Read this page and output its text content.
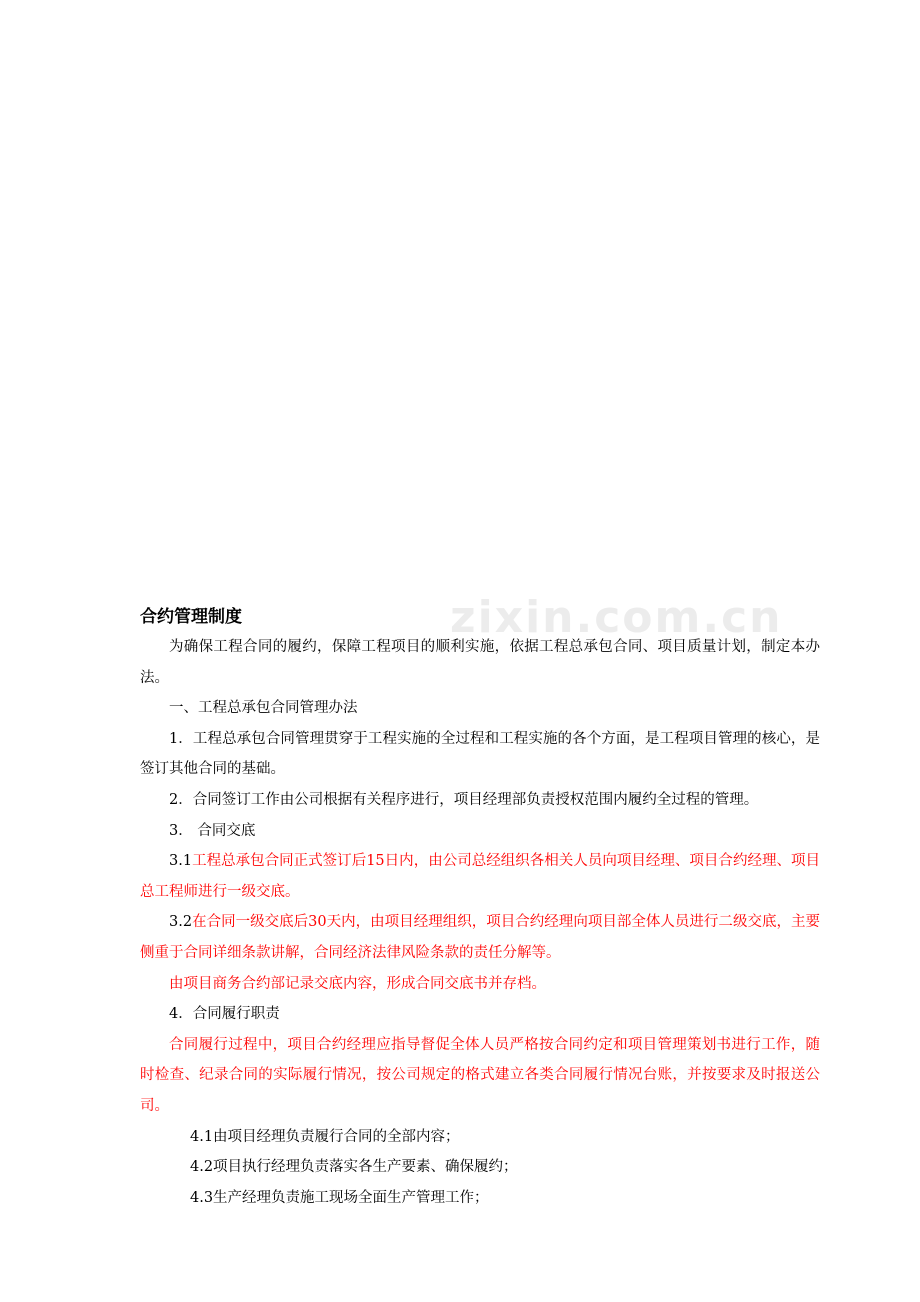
zixin.com.cn

合约管理制度

为确保工程合同的履约，保障工程项目的顺利实施，依据工程总承包合同、项目质量计划，制定本办法。

一、工程总承包合同管理办法

1．工程总承包合同管理贯穿于工程实施的全过程和工程实施的各个方面，是工程项目管理的核心，是签订其他合同的基础。

2．合同签订工作由公司根据有关程序进行，项目经理部负责授权范围内履约全过程的管理。

3． 合同交底

3.1工程总承包合同正式签订后15日内，由公司总经组织各相关人员向项目经理、项目合约经理、项目总工程师进行一级交底。

3.2在合同一级交底后30天内，由项目经理组织，项目合约经理向项目部全体人员进行二级交底，主要侧重于合同详细条款讲解，合同经济法律风险条款的责任分解等。

由项目商务合约部记录交底内容，形成合同交底书并存档。

4．合同履行职责

合同履行过程中，项目合约经理应指导督促全体人员严格按合同约定和项目管理策划书进行工作，随时检查、纪录合同的实际履行情况，按公司规定的格式建立各类合同履行情况台账，并按要求及时报送公司。

4.1由项目经理负责履行合同的全部内容；

4.2项目执行经理负责落实各生产要素、确保履约；

4.3生产经理负责施工现场全面生产管理工作；
